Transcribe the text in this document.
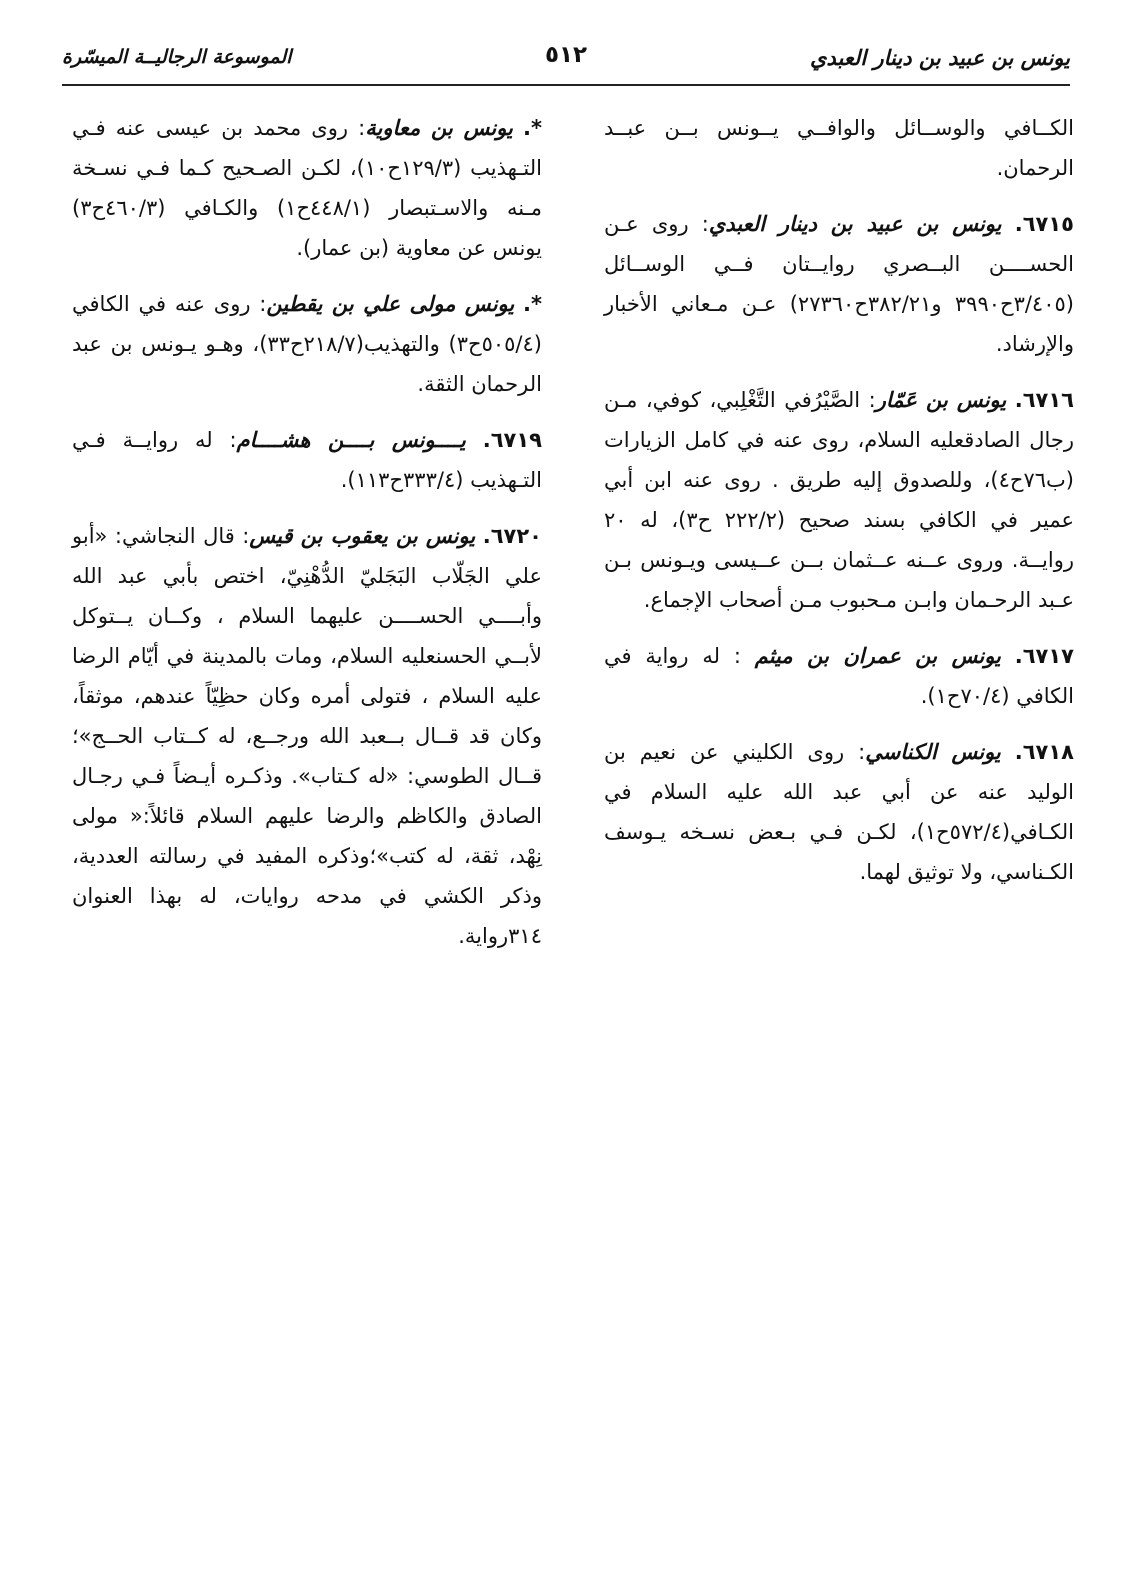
يونس بن عبيد بن دينار العبدي
٥١٢
الموسوعة الرجاليــة الميسّرة

الكــافي والوســائل والوافــي يــونس بــن عبــد الرحمان.

٦٧١٥. يونس بن عبيد بن دينار العبدي: روى عـن الحســــن البــصري روايــتان فــي الوســائل (٣/٤٠٥ح٣٩٩٠ و٣٨٢/٢١ح٢٧٣٦٠) عـن مـعاني الأخبار والإرشاد.

٦٧١٦. يونس بن عَمّار: الصَّيْرُفي التَّغْلِبي، كوفي، مـن رجال الصادقعليه السلام، روى عنه في كامل الزيارات (ب٧٦ح٤)، وللصدوق إليه طريق . روى عنه ابن أبي عمير في الكافي بسند صحيح (٢٢٢/٢ ح٣)، له ٢٠ روايــة. وروى عــنه عــثمان بــن عــيسى ويـونس بـن عـبد الرحـمان وابـن مـحبوب مـن أصحاب الإجماع.

٦٧١٧. يونس بن عمران بن ميثم : له رواية في الكافي (٧٠/٤ح١).

٦٧١٨. يونس الكناسي: روى الكليني عن نعيم بن الوليد عنه عن أبي عبد الله عليه السلام في الكـافي(٥٧٢/٤ح١)، لكـن فـي بـعض نسـخه يـوسف الكـناسي، ولا توثيق لهما.

*. يونس بن معاوية: روى محمد بن عيسى عنه فـي التـهذيب (١٢٩/٣ح١٠)، لكـن الصـحيح كـما فـي نسـخة مـنه والاسـتبصار (٤٤٨/١ح١) والكـافي (٤٦٠/٣ح٣) يونس عن معاوية (بن عمار).

*. يونس مولى علي بن يقطين: روى عنه في الكافي (٥٠٥/٤ح٣) والتهذيب(٢١٨/٧ح٣٣)، وهـو يـونس بن عبد الرحمان الثقة.

٦٧١٩. يــــونس بــــن هشــــام: له روايــة فـي التـهذيب (٣٣٣/٤ح١١٣).

٦٧٢٠. يونس بن يعقوب بن قيس: قال النجاشي: «أبو علي الجَلّاب البَجَليّ الدُّهْنِيّ، اختص بأبي عبد الله وأبــــي الحســــن عليهما السلام ، وكــان يــتوكل لأبــي الحسنعليه السلام، ومات بالمدينة في أيّام الرضا عليه السلام ، فتولى أمره وكان حظِيّاً عندهم، موثقاً، وكان قد قــال بــعبد الله ورجــع، له كــتاب الحــج»؛ قــال الطوسي: «له كـتاب». وذكـره أيـضاً فـي رجـال الصادق والكاظم والرضا عليهم السلام قائلاً:« مولى نِهْد، ثقة، له كتب»؛وذكره المفيد في رسالته العددية، وذكر الكشي في مدحه روايات، له بهذا العنوان ٣١٤رواية.
